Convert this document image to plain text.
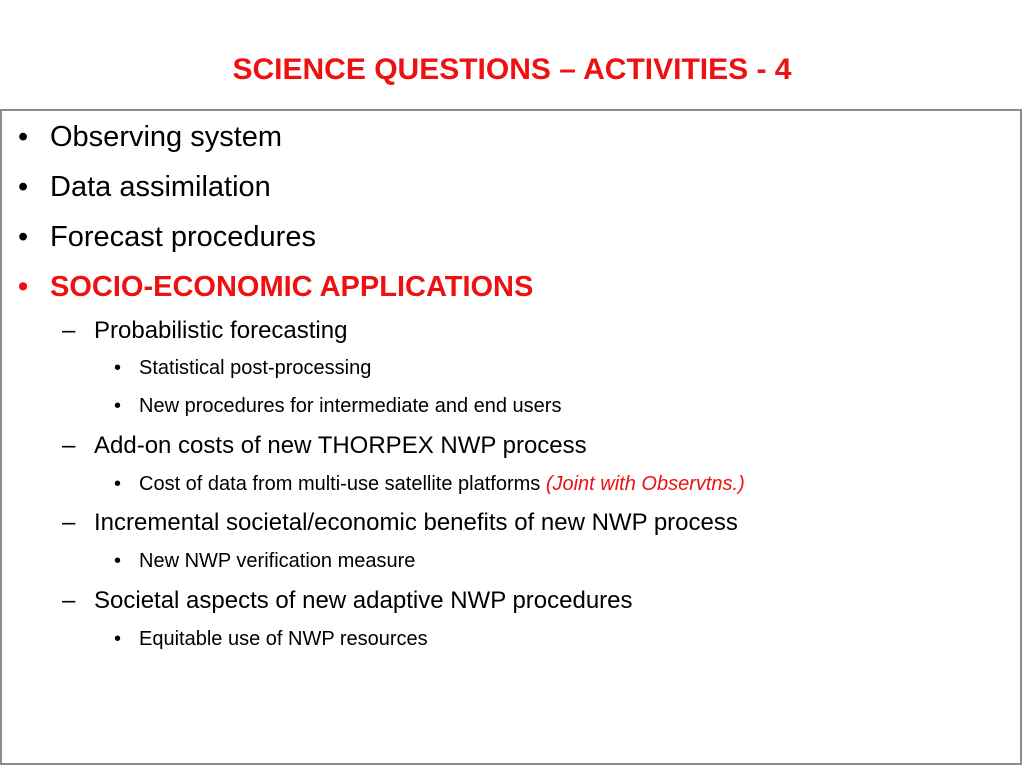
SCIENCE QUESTIONS – ACTIVITIES - 4
• Observing system
• Data assimilation
• Forecast procedures
• SOCIO-ECONOMIC APPLICATIONS
– Probabilistic forecasting
• Statistical post-processing
• New procedures for intermediate and end users
– Add-on costs of new THORPEX NWP process
• Cost of data from multi-use satellite platforms (Joint with Observtns.)
– Incremental societal/economic benefits of new NWP process
• New NWP verification measure
– Societal aspects of new adaptive NWP procedures
• Equitable use of NWP resources
